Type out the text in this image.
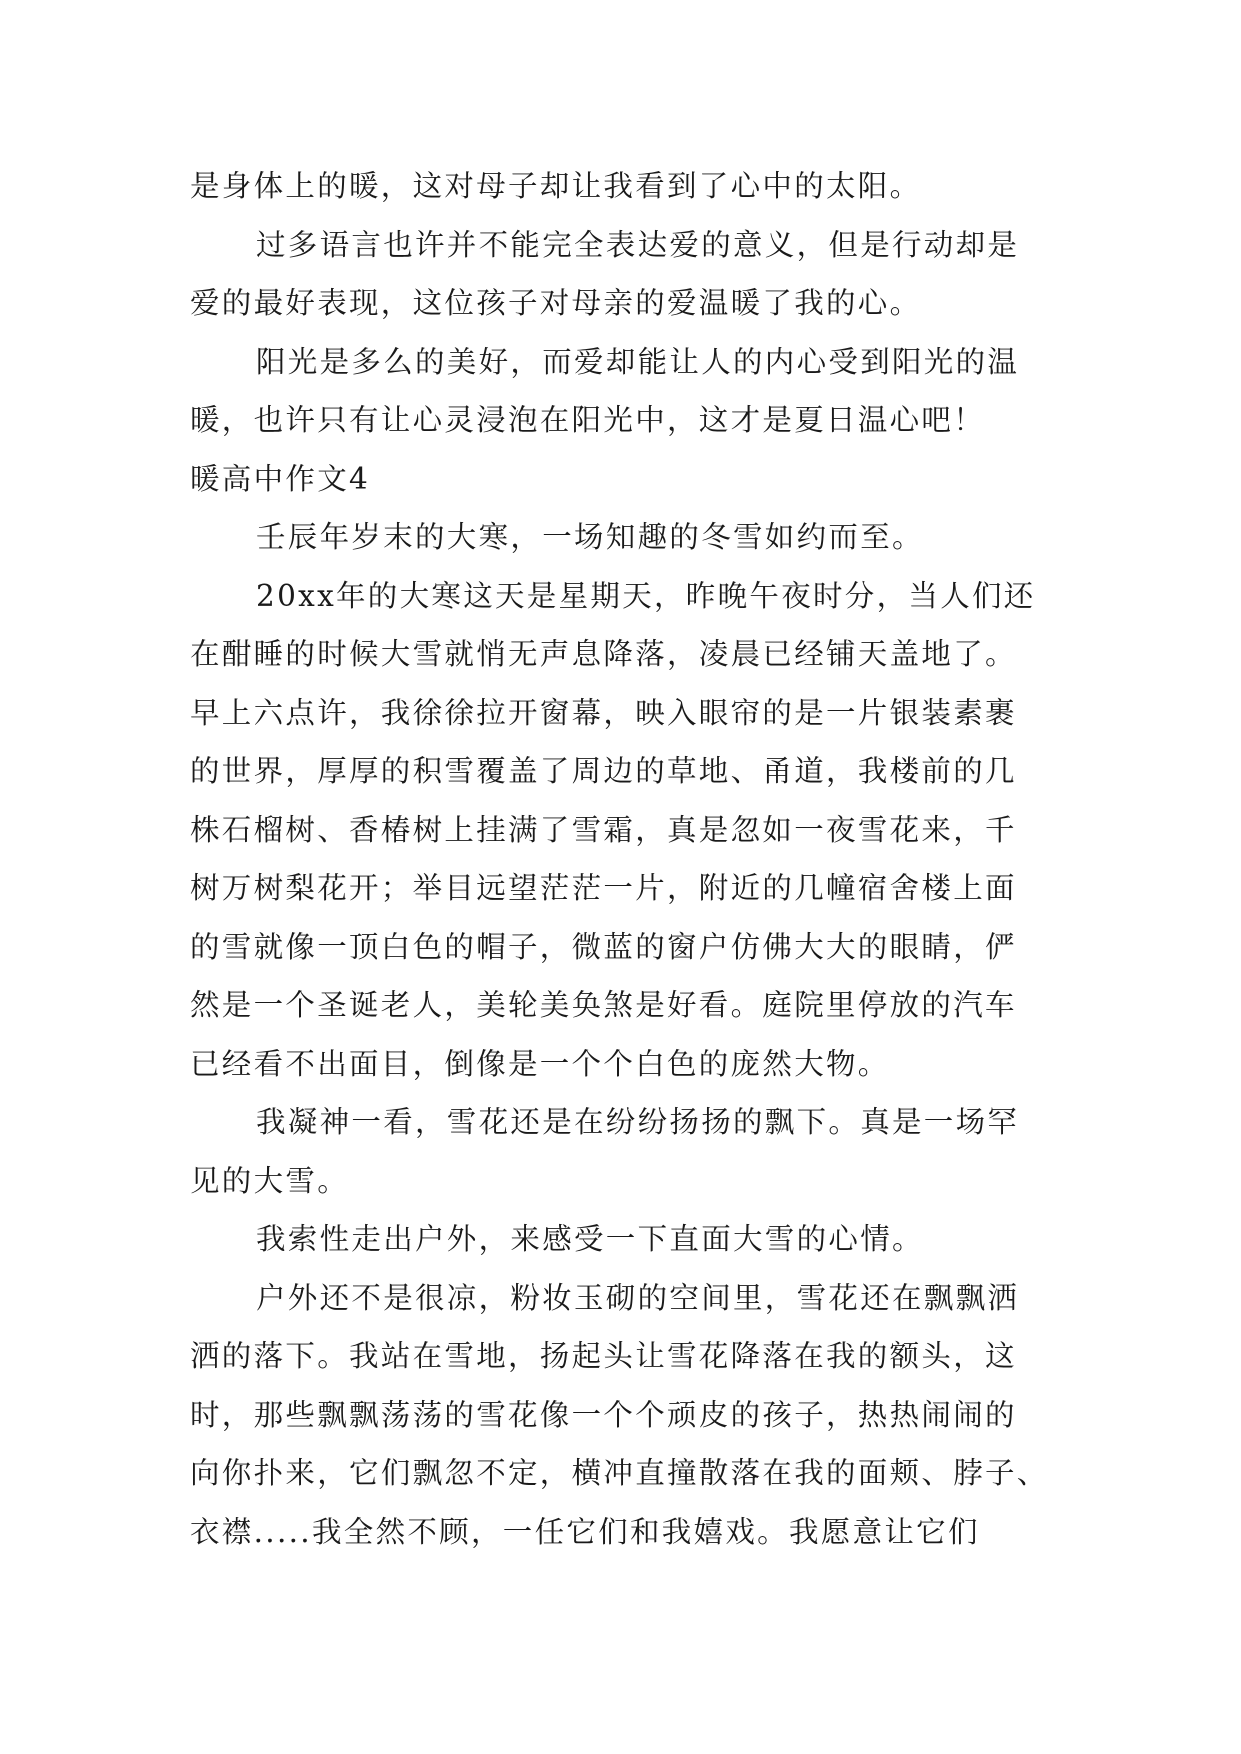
是身体上的暖，这对母子却让我看到了心中的太阳。
过多语言也许并不能完全表达爱的意义，但是行动却是
爱的最好表现，这位孩子对母亲的爱温暖了我的心。
阳光是多么的美好，而爱却能让人的内心受到阳光的温
暖，也许只有让心灵浸泡在阳光中，这才是夏日温心吧！
暖高中作文4
壬辰年岁末的大寒，一场知趣的冬雪如约而至。
20xx年的大寒这天是星期天，昨晚午夜时分，当人们还
在酣睡的时候大雪就悄无声息降落，凌晨已经铺天盖地了。
早上六点许，我徐徐拉开窗幕，映入眼帘的是一片银装素裹
的世界，厚厚的积雪覆盖了周边的草地、甬道，我楼前的几
株石榴树、香椿树上挂满了雪霜，真是忽如一夜雪花来，千
树万树梨花开；举目远望茫茫一片，附近的几幢宿舍楼上面
的雪就像一顶白色的帽子，微蓝的窗户仿佛大大的眼睛，俨
然是一个圣诞老人，美轮美奂煞是好看。庭院里停放的汽车
已经看不出面目，倒像是一个个白色的庞然大物。
我凝神一看，雪花还是在纷纷扬扬的飘下。真是一场罕
见的大雪。
我索性走出户外，来感受一下直面大雪的心情。
户外还不是很凉，粉妆玉砌的空间里，雪花还在飘飘洒
洒的落下。我站在雪地，扬起头让雪花降落在我的额头，这
时，那些飘飘荡荡的雪花像一个个顽皮的孩子，热热闹闹的
向你扑来，它们飘忽不定，横冲直撞散落在我的面颊、脖子、
衣襟.....我全然不顾，一任它们和我嬉戏。我愿意让它们
